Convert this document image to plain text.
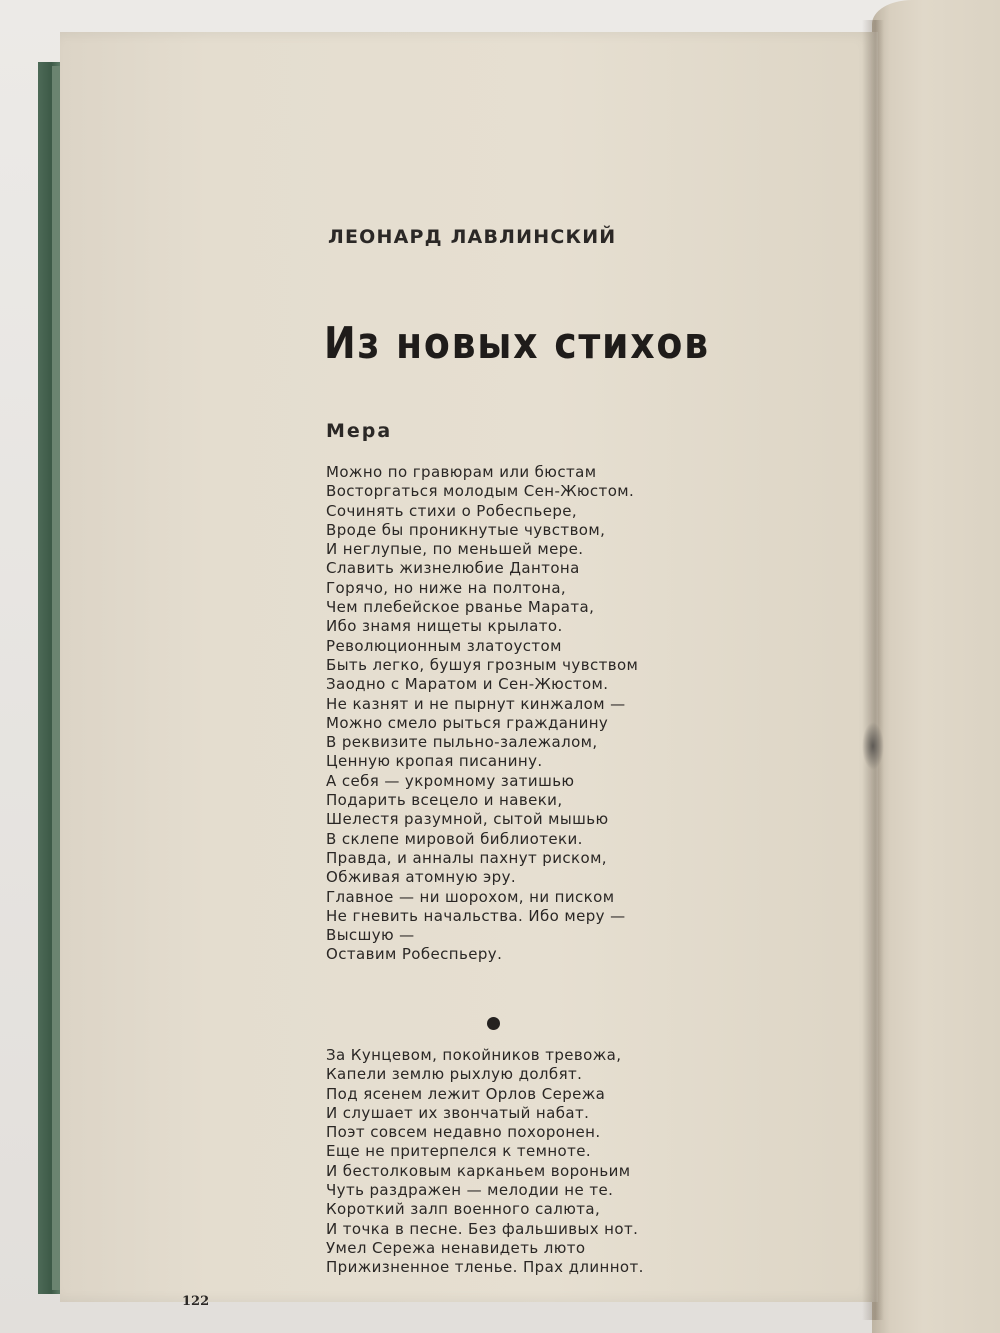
ЛЕОНАРД ЛАВЛИНСКИЙ
Из новых стихов
Мера
Можно по гравюрам или бюстам
Восторгаться молодым Сен-Жюстом.
Сочинять стихи о Робеспьере,
Вроде бы проникнутые чувством,
И неглупые, по меньшей мере.
Славить жизнелюбие Дантона
Горячо, но ниже на полтона,
Чем плебейское рванье Марата,
Ибо знамя нищеты крылато.
Революционным златоустом
Быть легко, бушуя грозным чувством
Заодно с Маратом и Сен-Жюстом.
Не казнят и не пырнут кинжалом —
Можно смело рыться гражданину
В реквизите пыльно-залежалом,
Ценную кропая писанину.
А себя — укромному затишью
Подарить всецело и навеки,
Шелестя разумной, сытой мышью
В склепе мировой библиотеки.
Правда, и анналы пахнут риском,
Обживая атомную эру.
Главное — ни шорохом, ни писком
Не гневить начальства. Ибо меру —
Высшую —
Оставим Робеспьеру.
За Кунцевом, покойников тревожа,
Капели землю рыхлую долбят.
Под ясенем лежит Орлов Сережа
И слушает их звончатый набат.
Поэт совсем недавно похоронен.
Еще не притерпелся к темноте.
И бестолковым карканьем вороньим
Чуть раздражен — мелодии не те.
Короткий залп военного салюта,
И точка в песне. Без фальшивых нот.
Умел Сережа ненавидеть люто
Прижизненное тленье. Прах длиннот.

122
